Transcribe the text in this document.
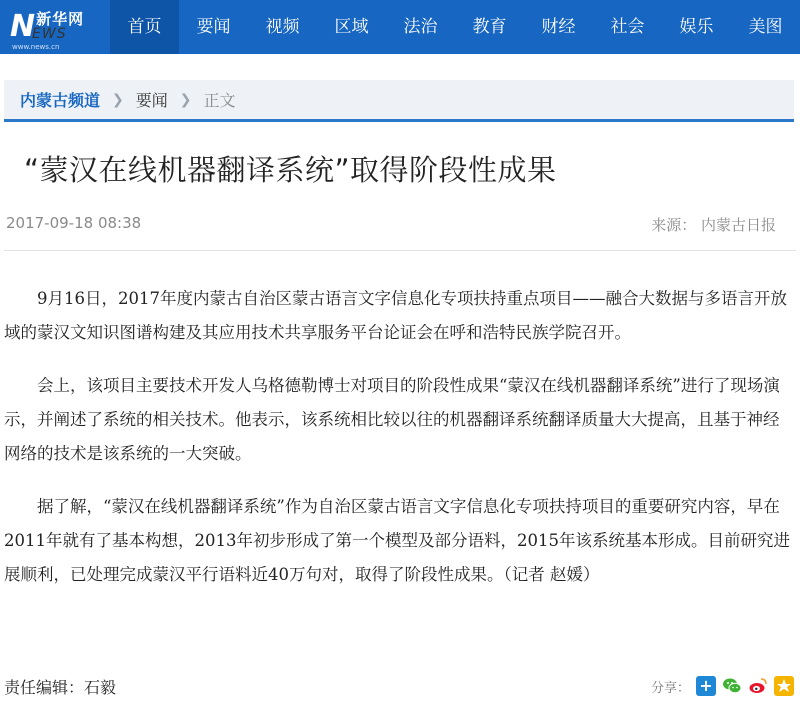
N 新华网
EWS
www.news.cn
首页	要闻	视频	区域	法治	教育	财经	社会	娱乐	美图
内蒙古频道 ❯ 要闻 ❯ 正文
“蒙汉在线机器翻译系统”取得阶段性成果
2017-09-18 08:38	来源： 内蒙古日报

9月16日，2017年度内蒙古自治区蒙古语言文字信息化专项扶持重点项目——融合大数据与多语言开放域的蒙汉文知识图谱构建及其应用技术共享服务平台论证会在呼和浩特民族学院召开。

会上，该项目主要技术开发人乌格德勒博士对项目的阶段性成果“蒙汉在线机器翻译系统”进行了现场演示，并阐述了系统的相关技术。他表示，该系统相比较以往的机器翻译系统翻译质量大大提高，且基于神经网络的技术是该系统的一大突破。

据了解，“蒙汉在线机器翻译系统”作为自治区蒙古语言文字信息化专项扶持项目的重要研究内容，早在2011年就有了基本构想，2013年初步形成了第一个模型及部分语料，2015年该系统基本形成。目前研究进展顺利，已处理完成蒙汉平行语料近40万句对，取得了阶段性成果。（记者 赵媛）

责任编辑：石毅	分享： +
